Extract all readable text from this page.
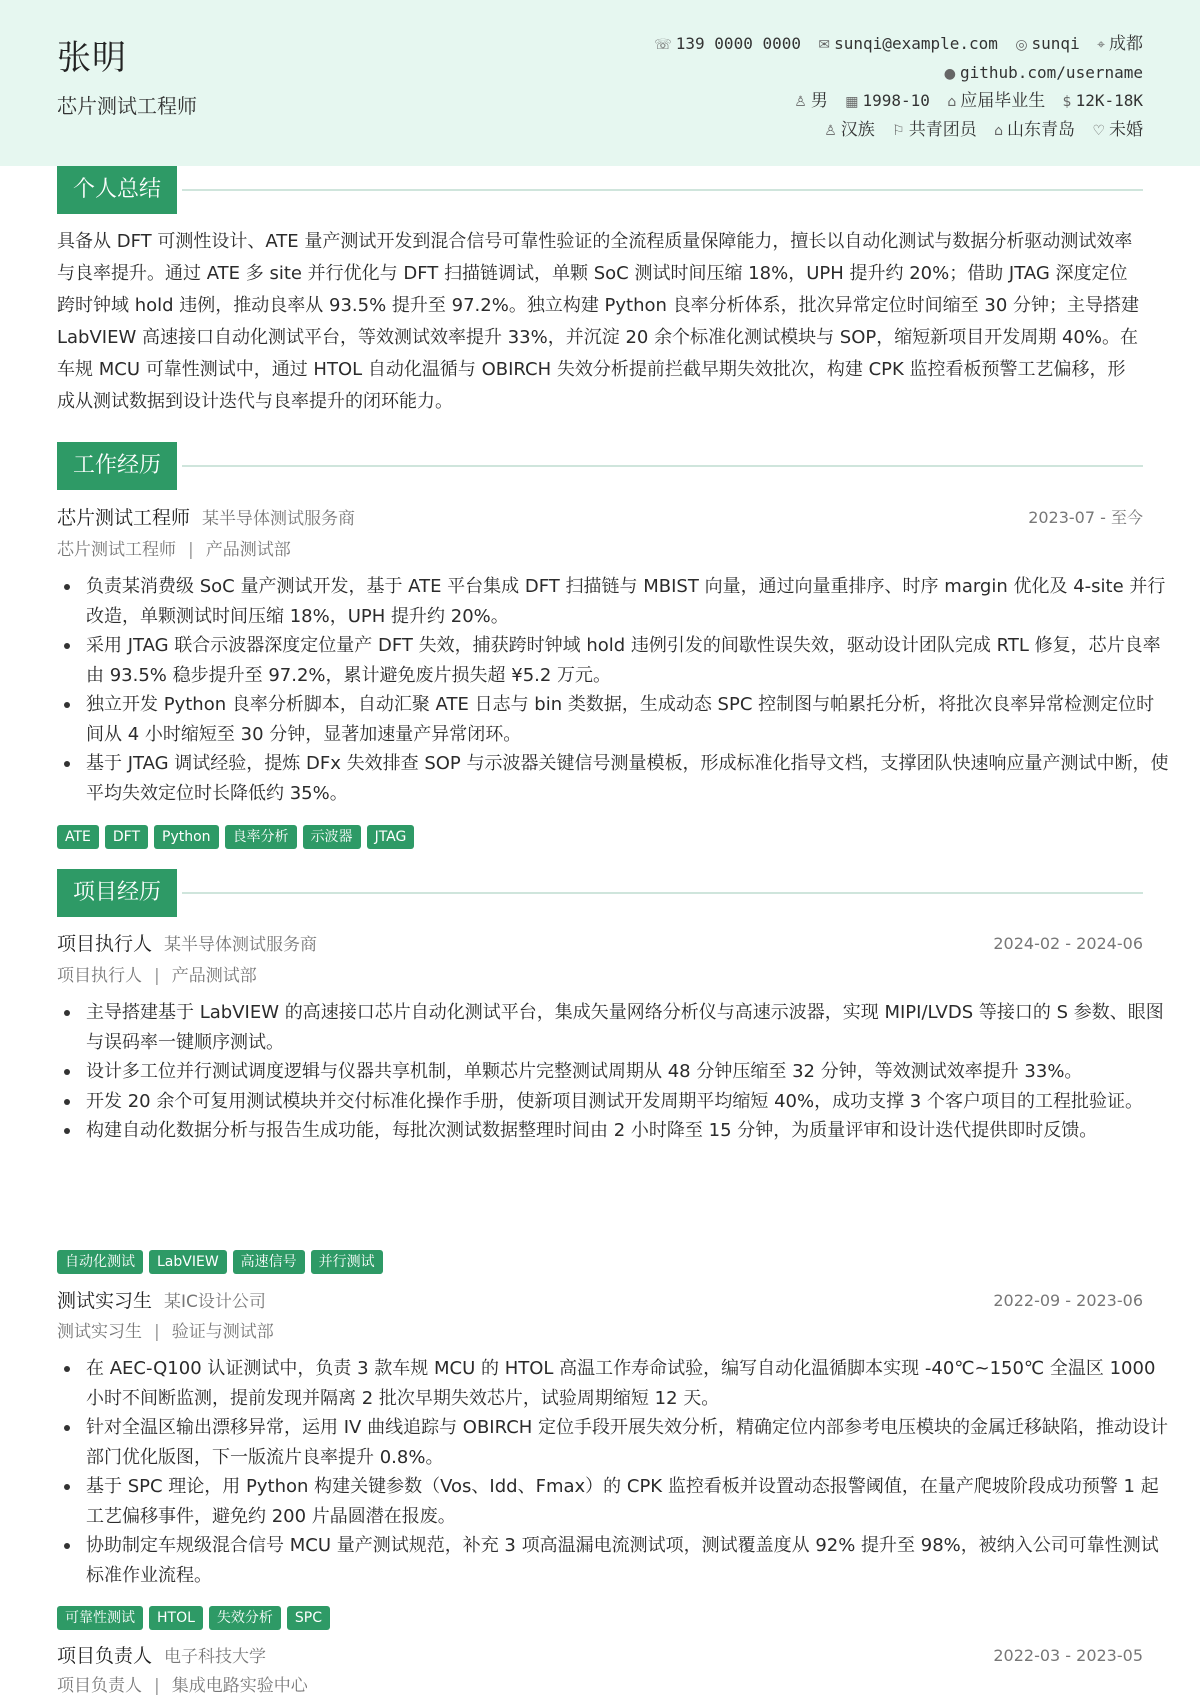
张明
芯片测试工程师
☏ 139 0000 0000 ✉ sunqi@example.com ◎ sunqi ⌖ 成都
● github.com/username
♙ 男 ▦ 1998-10 ⌂ 应届毕业生 $ 12K-18K
♙ 汉族 ⚐ 共青团员 ⌂ 山东青岛 ♡ 未婚
个人总结
具备从 DFT 可测性设计、ATE 量产测试开发到混合信号可靠性验证的全流程质量保障能力，擅长以自动化测试与数据分析驱动测试效率与良率提升。通过 ATE 多 site 并行优化与 DFT 扫描链调试，单颗 SoC 测试时间压缩 18%，UPH 提升约 20%；借助 JTAG 深度定位跨时钟域 hold 违例，推动良率从 93.5% 提升至 97.2%。独立构建 Python 良率分析体系，批次异常定位时间缩至 30 分钟；主导搭建 LabVIEW 高速接口自动化测试平台，等效测试效率提升 33%，并沉淀 20 余个标准化测试模块与 SOP，缩短新项目开发周期 40%。在车规 MCU 可靠性测试中，通过 HTOL 自动化温循与 OBIRCH 失效分析提前拦截早期失效批次，构建 CPK 监控看板预警工艺偏移，形成从测试数据到设计迭代与良率提升的闭环能力。
工作经历
芯片测试工程师 某半导体测试服务商	2023-07 - 至今
芯片测试工程师 | 产品测试部
负责某消费级 SoC 量产测试开发，基于 ATE 平台集成 DFT 扫描链与 MBIST 向量，通过向量重排序、时序 margin 优化及 4-site 并行改造，单颗测试时间压缩 18%，UPH 提升约 20%。
采用 JTAG 联合示波器深度定位量产 DFT 失效，捕获跨时钟域 hold 违例引发的间歇性误失效，驱动设计团队完成 RTL 修复，芯片良率由 93.5% 稳步提升至 97.2%，累计避免废片损失超 ¥5.2 万元。
独立开发 Python 良率分析脚本，自动汇聚 ATE 日志与 bin 类数据，生成动态 SPC 控制图与帕累托分析，将批次良率异常检测定位时间从 4 小时缩短至 30 分钟，显著加速量产异常闭环。
基于 JTAG 调试经验，提炼 DFx 失效排查 SOP 与示波器关键信号测量模板，形成标准化指导文档，支撑团队快速响应量产测试中断，使平均失效定位时长降低约 35%。
ATE DFT Python 良率分析 示波器 JTAG
项目经历
项目执行人 某半导体测试服务商	2024-02 - 2024-06
项目执行人 | 产品测试部
主导搭建基于 LabVIEW 的高速接口芯片自动化测试平台，集成矢量网络分析仪与高速示波器，实现 MIPI/LVDS 等接口的 S 参数、眼图与误码率一键顺序测试。
设计多工位并行测试调度逻辑与仪器共享机制，单颗芯片完整测试周期从 48 分钟压缩至 32 分钟，等效测试效率提升 33%。
开发 20 余个可复用测试模块并交付标准化操作手册，使新项目测试开发周期平均缩短 40%，成功支撑 3 个客户项目的工程批验证。
构建自动化数据分析与报告生成功能，每批次测试数据整理时间由 2 小时降至 15 分钟，为质量评审和设计迭代提供即时反馈。
自动化测试 LabVIEW 高速信号 并行测试
测试实习生 某IC设计公司	2022-09 - 2023-06
测试实习生 | 验证与测试部
在 AEC-Q100 认证测试中，负责 3 款车规 MCU 的 HTOL 高温工作寿命试验，编写自动化温循脚本实现 -40℃~150℃ 全温区 1000 小时不间断监测，提前发现并隔离 2 批次早期失效芯片，试验周期缩短 12 天。
针对全温区输出漂移异常，运用 IV 曲线追踪与 OBIRCH 定位手段开展失效分析，精确定位内部参考电压模块的金属迁移缺陷，推动设计部门优化版图，下一版流片良率提升 0.8%。
基于 SPC 理论，用 Python 构建关键参数（Vos、Idd、Fmax）的 CPK 监控看板并设置动态报警阈值，在量产爬坡阶段成功预警 1 起工艺偏移事件，避免约 200 片晶圆潜在报废。
协助制定车规级混合信号 MCU 量产测试规范，补充 3 项高温漏电流测试项，测试覆盖度从 92% 提升至 98%，被纳入公司可靠性测试标准作业流程。
可靠性测试 HTOL 失效分析 SPC
项目负责人 电子科技大学	2022-03 - 2023-05
项目负责人 | 集成电路实验中心
